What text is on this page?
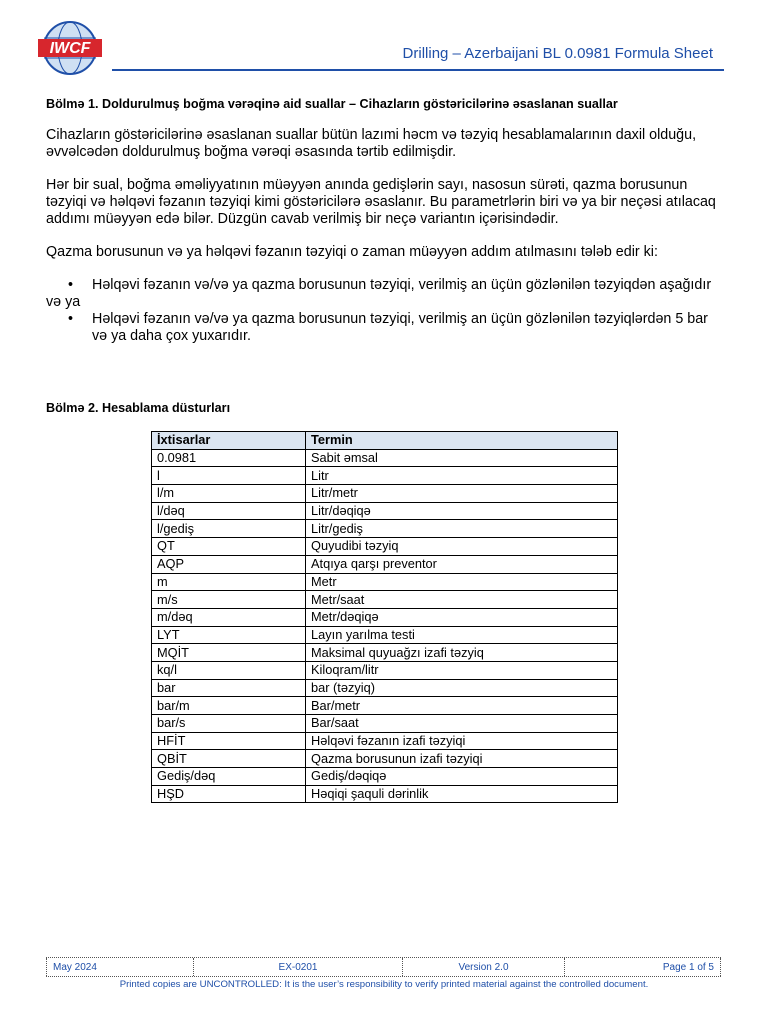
IWCF	Drilling – Azerbaijani BL 0.0981 Formula Sheet

Bölmə 1. Doldurulmuş boğma vərəqinə aid suallar – Cihazların göstəricilərinə əsaslanan suallar

Cihazların göstəricilərinə əsaslanan suallar bütün lazımi həcm və təzyiq hesablamalarının daxil olduğu, əvvəlcədən doldurulmuş boğma vərəqi əsasında tərtib edilmişdir.

Hər bir sual, boğma əməliyyatının müəyyən anında gedişlərin sayı, nasosun sürəti, qazma borusunun təzyiqi və həlqəvi fəzanın təzyiqi kimi göstəricilərə əsaslanır. Bu parametrlərin biri və ya bir neçəsi atılacaq addımı müəyyən edə bilər. Düzgün cavab verilmiş bir neçə variantın içərisindədir.

Qazma borusunun və ya həlqəvi fəzanın təzyiqi o zaman müəyyən addım atılmasını tələb edir ki:

• Həlqəvi fəzanın və/və ya qazma borusunun təzyiqi, verilmiş an üçün gözlənilən təzyiqdən aşağıdır

və ya

• Həlqəvi fəzanın və/və ya qazma borusunun təzyiqi, verilmiş an üçün gözlənilən təzyiqlərdən 5 bar və ya daha çox yuxarıdır.
Bölmə 2. Hesablama düsturları
İxtisarlar	Termin
0.0981	Sabit əmsal
l	Litr
l/m	Litr/metr
l/dəq	Litr/dəqiqə
l/gediş	Litr/gediş
QT	Quyudibi təzyiq
AQP	Atqıya qarşı preventor
m	Metr
m/s	Metr/saat
m/dəq	Metr/dəqiqə
LYT	Layın yarılma testi
MQİT	Maksimal quyuağzı izafi təzyiq
kq/l	Kiloqram/litr
bar	bar (təzyiq)
bar/m	Bar/metr
bar/s	Bar/saat
HFİT	Həlqəvi fəzanın izafi təzyiqi
QBİT	Qazma borusunun izafi təzyiqi
Gediş/dəq	Gediş/dəqiqə
HŞD	Həqiqi şaquli dərinlik
May 2024	EX-0201	Version 2.0	Page 1 of 5
Printed copies are UNCONTROLLED: It is the user’s responsibility to verify printed material against the controlled document.
